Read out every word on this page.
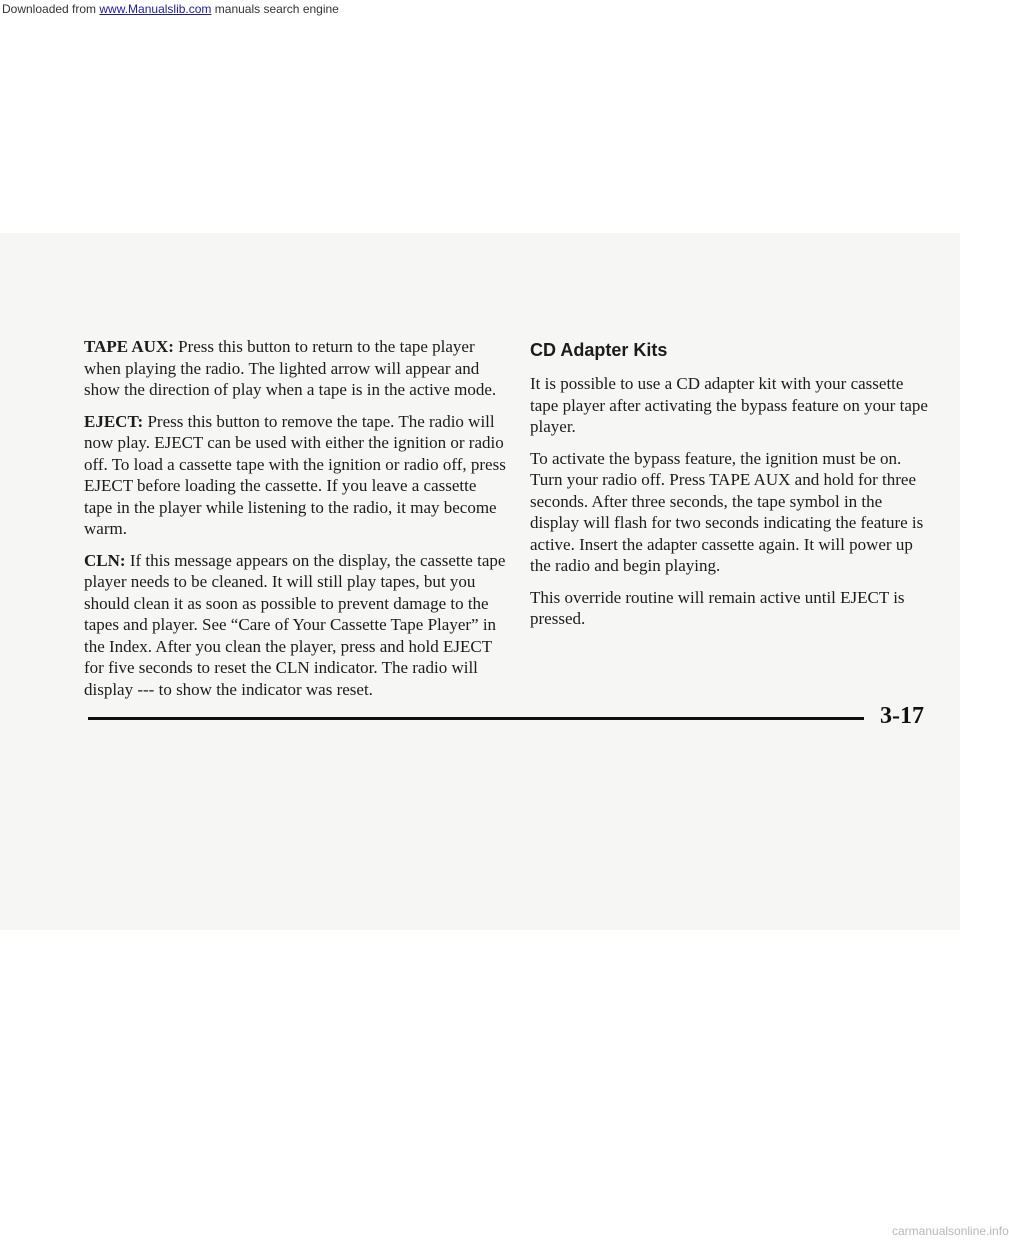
Downloaded from www.Manualslib.com manuals search engine

TAPE AUX: Press this button to return to the tape player when playing the radio. The lighted arrow will appear and show the direction of play when a tape is in the active mode.

EJECT: Press this button to remove the tape. The radio will now play. EJECT can be used with either the ignition or radio off. To load a cassette tape with the ignition or radio off, press EJECT before loading the cassette. If you leave a cassette tape in the player while listening to the radio, it may become warm.

CLN: If this message appears on the display, the cassette tape player needs to be cleaned. It will still play tapes, but you should clean it as soon as possible to prevent damage to the tapes and player. See “Care of Your Cassette Tape Player” in the Index. After you clean the player, press and hold EJECT for five seconds to reset the CLN indicator. The radio will display --- to show the indicator was reset.

CD Adapter Kits

It is possible to use a CD adapter kit with your cassette tape player after activating the bypass feature on your tape player.

To activate the bypass feature, the ignition must be on. Turn your radio off. Press TAPE AUX and hold for three seconds. After three seconds, the tape symbol in the display will flash for two seconds indicating the feature is active. Insert the adapter cassette again. It will power up the radio and begin playing.

This override routine will remain active until EJECT is pressed.

3-17
carmanualsonline.info
